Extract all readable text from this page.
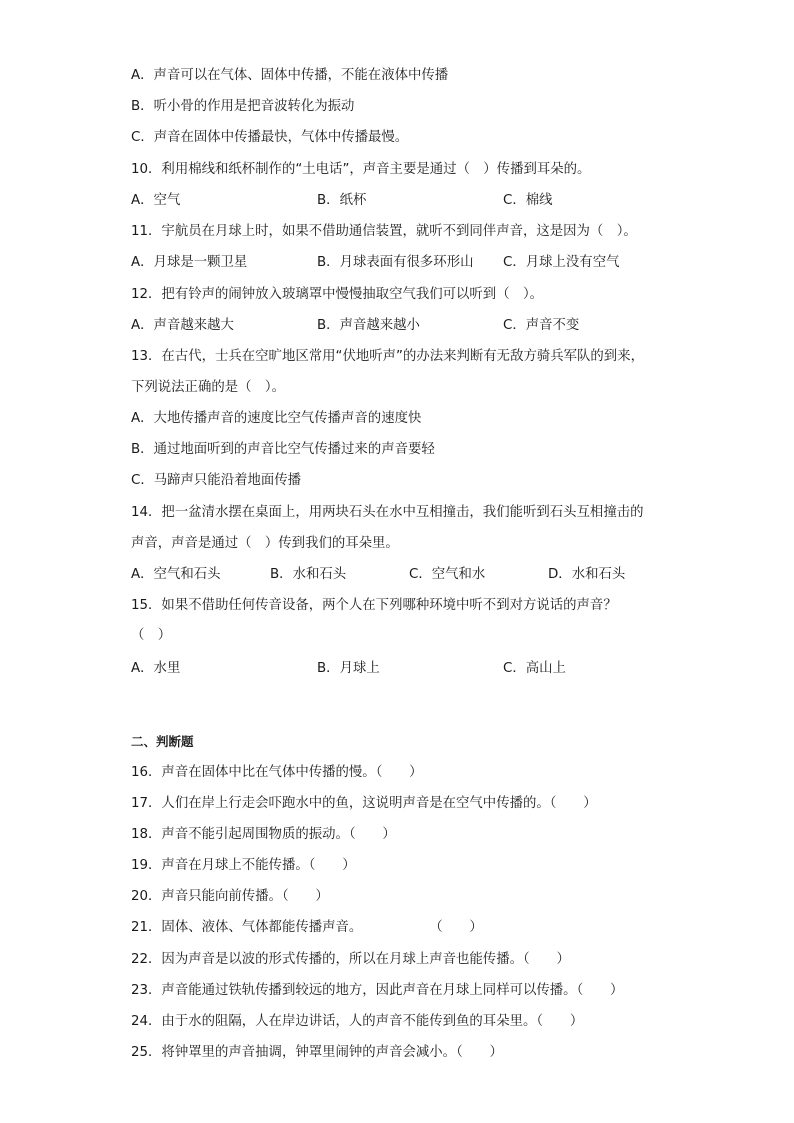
A．声音可以在气体、固体中传播，不能在液体中传播
B．听小骨的作用是把音波转化为振动
C．声音在固体中传播最快，气体中传播最慢。
10．利用棉线和纸杯制作的“土电话”，声音主要是通过（　）传播到耳朵的。
A．空气	B．纸杯	C．棉线
11．宇航员在月球上时，如果不借助通信装置，就听不到同伴声音，这是因为（　）。
A．月球是一颗卫星	B．月球表面有很多环形山 C．月球上没有空气
12．把有铃声的闹钟放入玻璃罩中慢慢抽取空气我们可以听到（　）。
A．声音越来越大	B．声音越来越小	C．声音不变
13．在古代，士兵在空旷地区常用“伏地听声”的办法来判断有无敌方骑兵军队的到来，
下列说法正确的是（　）。
A．大地传播声音的速度比空气传播声音的速度快
B．通过地面听到的声音比空气传播过来的声音要轻
C．马蹄声只能沿着地面传播
14．把一盆清水摆在桌面上，用两块石头在水中互相撞击，我们能听到石头互相撞击的
声音，声音是通过（　）传到我们的耳朵里。
A．空气和石头	B．水和石头	C．空气和水	D．水和石头
15．如果不借助任何传音设备，两个人在下列哪种环境中听不到对方说话的声音？
（　）
A．水里	B．月球上	C．高山上
二、判断题
16．声音在固体中比在气体中传播的慢。（　　）
17．人们在岸上行走会吓跑水中的鱼，这说明声音是在空气中传播的。（　　）
18．声音不能引起周围物质的振动。（　　）
19．声音在月球上不能传播。（　　）
20．声音只能向前传播。（　　）
21．固体、液体、气体都能传播声音。　　　　　　（　　）
22．因为声音是以波的形式传播的，所以在月球上声音也能传播。（　　）
23．声音能通过铁轨传播到较远的地方，因此声音在月球上同样可以传播。（　　）
24．由于水的阻隔，人在岸边讲话，人的声音不能传到鱼的耳朵里。（　　）
25．将钟罩里的声音抽调，钟罩里闹钟的声音会减小。（　　）
